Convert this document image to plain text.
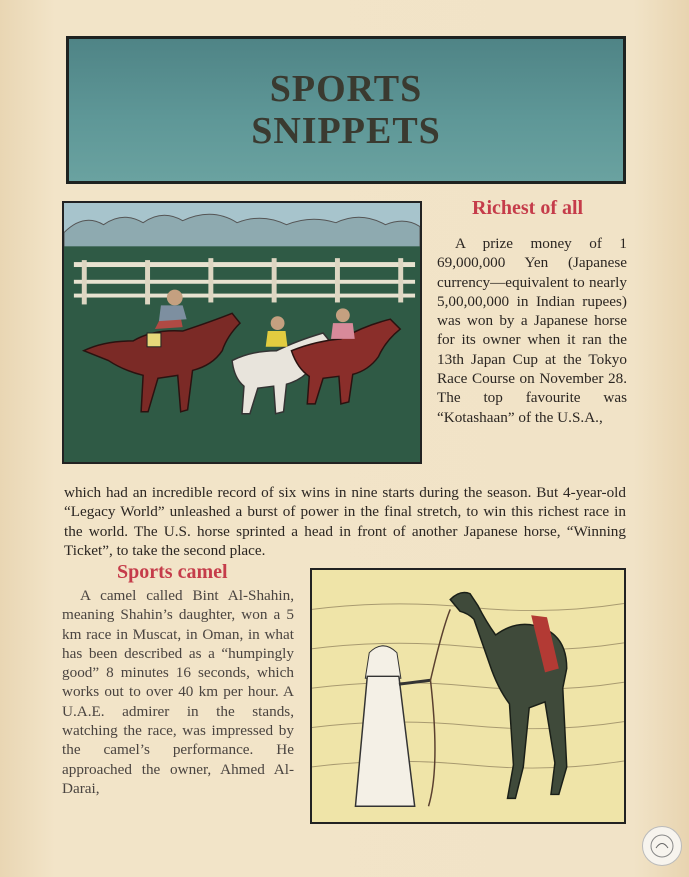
SPORTS
SNIPPETS
Richest of all

A prize money of 1 69,000,000 Yen (Japanese currency—equivalent to nearly 5,00,00,000 in Indian rupees) was won by a Japanese horse for its owner when it ran the 13th Japan Cup at the Tokyo Race Course on November 28. The top favourite was “Kotashaan” of the U.S.A.,

which had an incredible record of six wins in nine starts during the season. But 4-year-old “Legacy World” unleashed a burst of power in the final stretch, to win this richest race in the world. The U.S. horse sprinted a head in front of another Japanese horse, “Winning Ticket”, to take the second place.

Sports camel

A camel called Bint Al-Shahin, meaning Shahin’s daughter, won a 5 km race in Muscat, in Oman, in what has been described as a “humpingly good” 8 minutes 16 seconds, which works out to over 40 km per hour. A U.A.E. admirer in the stands, watching the race, was impressed by the camel’s performance. He approached the owner, Ahmed Al-Darai,
